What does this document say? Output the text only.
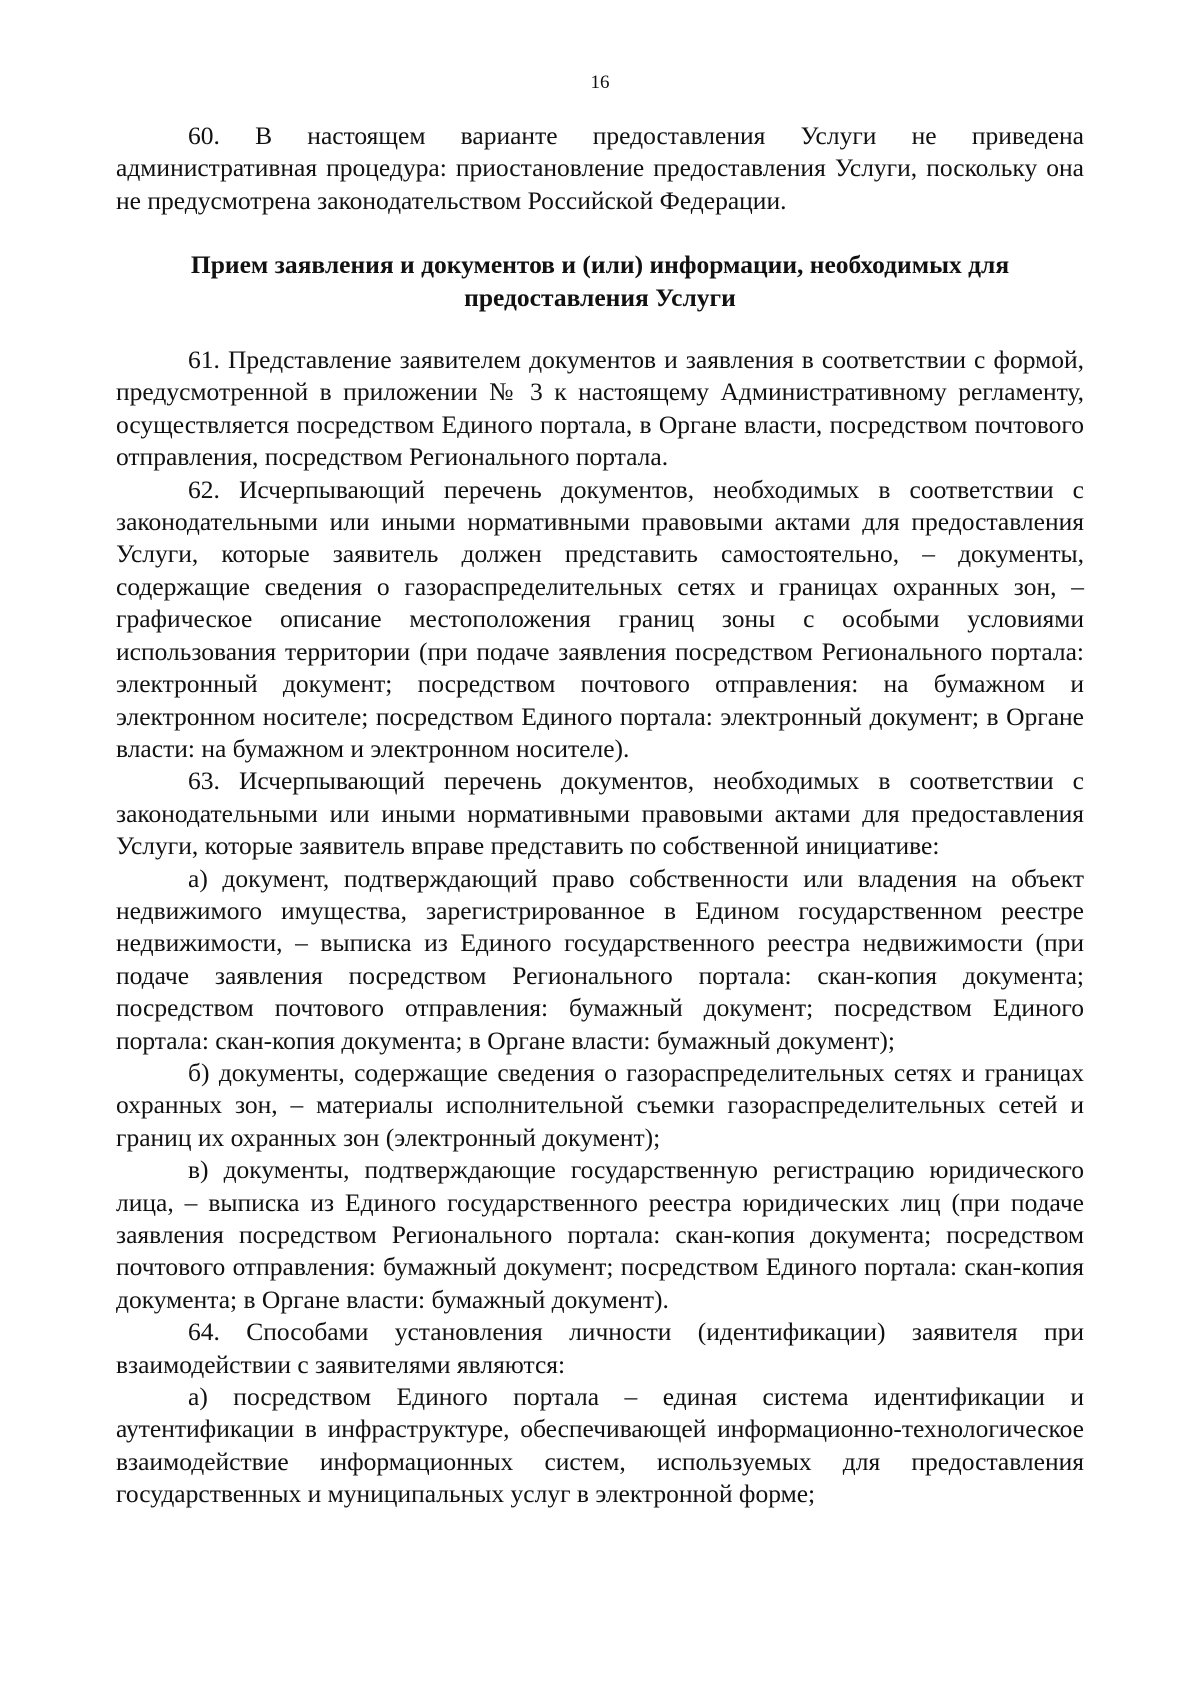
16

60. В настоящем варианте предоставления Услуги не приведена административная процедура: приостановление предоставления Услуги, поскольку она не предусмотрена законодательством Российской Федерации.

Прием заявления и документов и (или) информации, необходимых для
предоставления Услуги

61. Представление заявителем документов и заявления в соответствии с формой, предусмотренной в приложении № 3 к настоящему Административному регламенту, осуществляется посредством Единого портала, в Органе власти, посредством почтового отправления, посредством Регионального портала.

62. Исчерпывающий перечень документов, необходимых в соответствии с законодательными или иными нормативными правовыми актами для предоставления Услуги, которые заявитель должен представить самостоятельно, – документы, содержащие сведения о газораспределительных сетях и границах охранных зон, – графическое описание местоположения границ зоны с особыми условиями использования территории (при подаче заявления посредством Регионального портала: электронный документ; посредством почтового отправления: на бумажном и электронном носителе; посредством Единого портала: электронный документ; в Органе власти: на бумажном и электронном носителе).

63. Исчерпывающий перечень документов, необходимых в соответствии с законодательными или иными нормативными правовыми актами для предоставления Услуги, которые заявитель вправе представить по собственной инициативе:

а) документ, подтверждающий право собственности или владения на объект недвижимого имущества, зарегистрированное в Едином государственном реестре недвижимости, – выписка из Единого государственного реестра недвижимости (при подаче заявления посредством Регионального портала: скан-копия документа; посредством почтового отправления: бумажный документ; посредством Единого портала: скан-копия документа; в Органе власти: бумажный документ);

б) документы, содержащие сведения о газораспределительных сетях и границах охранных зон, – материалы исполнительной съемки газораспределительных сетей и границ их охранных зон (электронный документ);

в) документы, подтверждающие государственную регистрацию юридического лица, – выписка из Единого государственного реестра юридических лиц (при подаче заявления посредством Регионального портала: скан-копия документа; посредством почтового отправления: бумажный документ; посредством Единого портала: скан-копия документа; в Органе власти: бумажный документ).

64. Способами установления личности (идентификации) заявителя при взаимодействии с заявителями являются:

а) посредством Единого портала – единая система идентификации и аутентификации в инфраструктуре, обеспечивающей информационно-технологическое взаимодействие информационных систем, используемых для предоставления государственных и муниципальных услуг в электронной форме;
